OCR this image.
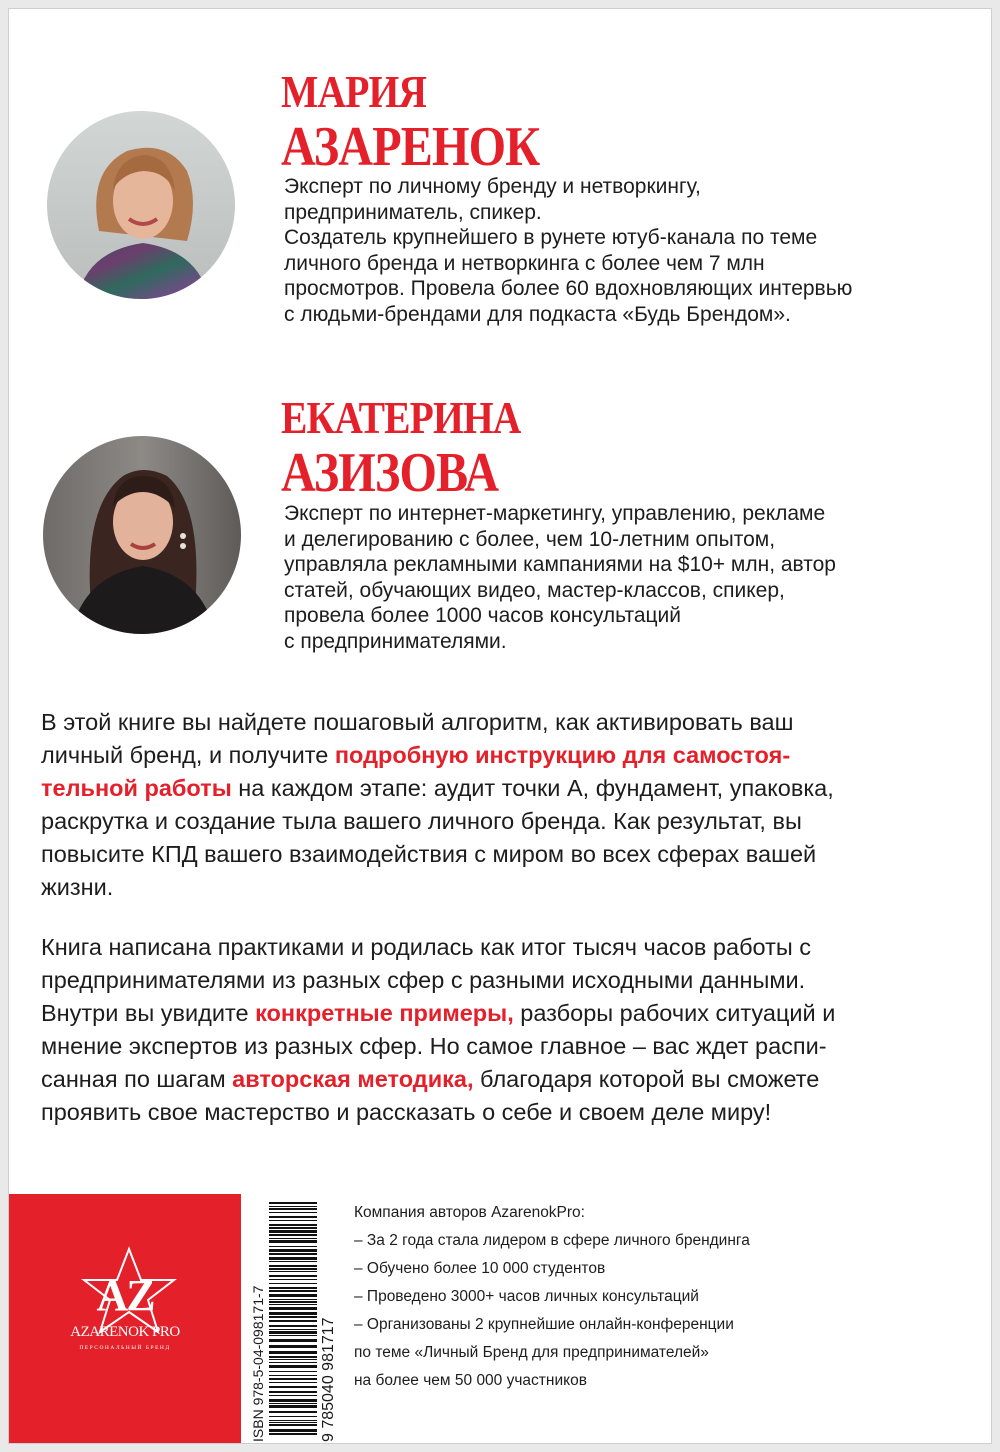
МАРИЯ
АЗАРЕНОК
Эксперт по личному бренду и нетворкингу,
предприниматель, спикер.
Создатель крупнейшего в рунете ютуб-канала по теме
личного бренда и нетворкинга с более чем 7 млн
просмотров. Провела более 60 вдохновляющих интервью
с людьми-брендами для подкаста «Будь Брендом».
ЕКАТЕРИНА
АЗИЗОВА
Эксперт по интернет-маркетингу, управлению, рекламе
и делегированию с более, чем 10-летним опытом,
управляла рекламными кампаниями на $10+ млн, автор
статей, обучающих видео, мастер-классов, спикер,
провела более 1000 часов консультаций
с предпринимателями.
В этой книге вы найдете пошаговый алгоритм, как активировать ваш
личный бренд, и получите подробную инструкцию для самостоя-
тельной работы на каждом этапе: аудит точки А, фундамент, упаковка,
раскрутка и создание тыла вашего личного бренда. Как результат, вы
повысите КПД вашего взаимодействия с миром во всех сферах вашей
жизни.
Книга написана практиками и родилась как итог тысяч часов работы с
предпринимателями из разных сфер с разными исходными данными.
Внутри вы увидите конкретные примеры, разборы рабочих ситуаций и
мнение экспертов из разных сфер. Но самое главное – вас ждет распи-
санная по шагам авторская методика, благодаря которой вы сможете
проявить свое мастерство и рассказать о себе и своем деле миру!
AZ
AZARENOK PRO
ПЕРСОНАЛЬНЫЙ БРЕНД	ISBN 978-5-04-098171-7	9 785040 981717
Компания авторов AzarenokPro:
– За 2 года стала лидером в сфере личного брендинга
– Обучено более 10 000 студентов
– Проведено 3000+ часов личных консультаций
– Организованы 2 крупнейшие онлайн-конференции
по теме «Личный Бренд для предпринимателей»
на более чем 50 000 участников
